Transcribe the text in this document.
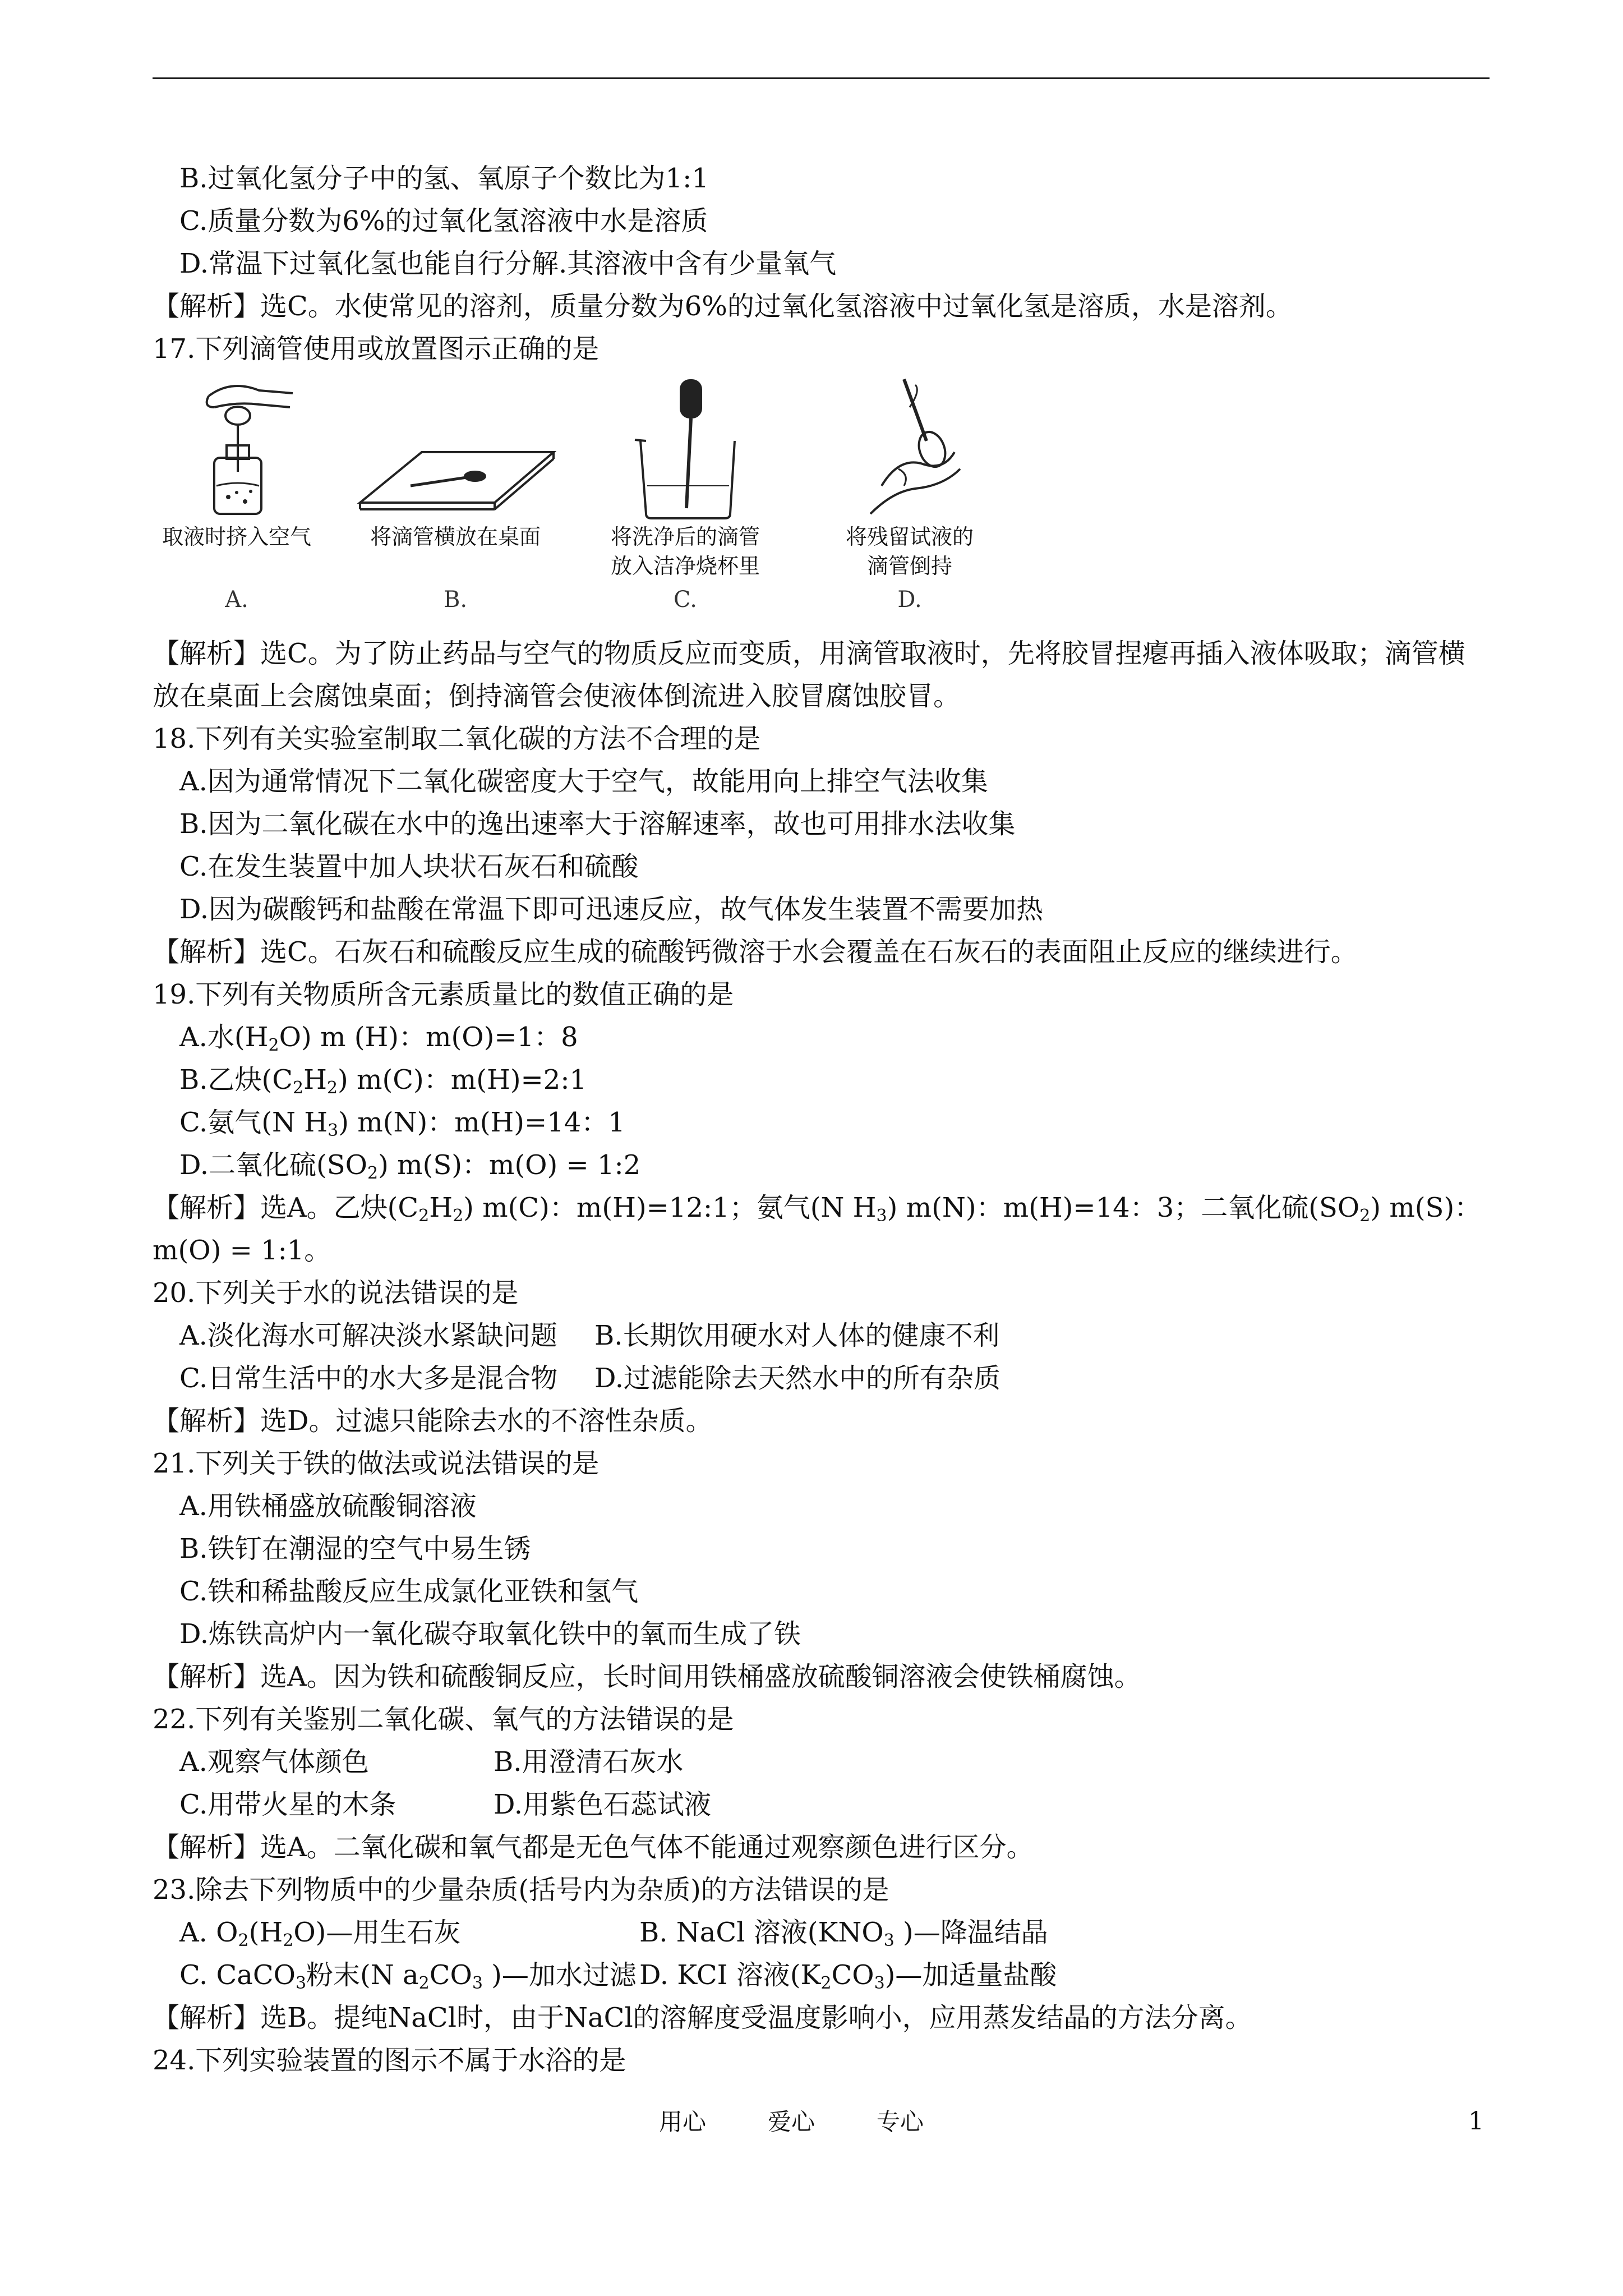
B.过氧化氢分子中的氢、氧原子个数比为1:1
C.质量分数为6%的过氧化氢溶液中水是溶质
D.常温下过氧化氢也能自行分解.其溶液中含有少量氧气
【解析】选C。水使常见的溶剂，质量分数为6%的过氧化氢溶液中过氧化氢是溶质，水是溶剂。
17.下列滴管使用或放置图示正确的是
取液时挤入空气
A.
将滴管横放在桌面
B.
将洗净后的滴管
放入洁净烧杯里
C.
将残留试液的
滴管倒持
D.
【解析】选C。为了防止药品与空气的物质反应而变质，用滴管取液时，先将胶冒捏瘪再插入液体吸取；滴管横放在桌面上会腐蚀桌面；倒持滴管会使液体倒流进入胶冒腐蚀胶冒。
18.下列有关实验室制取二氧化碳的方法不合理的是
A.因为通常情况下二氧化碳密度大于空气，故能用向上排空气法收集
B.因为二氧化碳在水中的逸出速率大于溶解速率，故也可用排水法收集
C.在发生装置中加人块状石灰石和硫酸
D.因为碳酸钙和盐酸在常温下即可迅速反应，故气体发生装置不需要加热
【解析】选C。石灰石和硫酸反应生成的硫酸钙微溶于水会覆盖在石灰石的表面阻止反应的继续进行。
19.下列有关物质所含元素质量比的数值正确的是
A.水$(H_2O)$ m (H)：m(O)=1：8
B.乙炔$(C_2H_2)$ m(C)：m(H)=2:1
C.氨气(N $H_3$) m(N)：m(H)=14：1
D.二氧化硫$(SO_2)$ m(S)：m(O) = 1:2
【解析】选A。乙炔$(C_2H_2)$ m(C)：m(H)=12:1；氨气(N $H_3$) m(N)：m(H)=14：3；二氧化硫$(SO_2)$ m(S)：
m(O) = 1:1。
20.下列关于水的说法错误的是
A.淡化海水可解决淡水紧缺问题 B.长期饮用硬水对人体的健康不利
C.日常生活中的水大多是混合物 D.过滤能除去天然水中的所有杂质
【解析】选D。过滤只能除去水的不溶性杂质。
21.下列关于铁的做法或说法错误的是
A.用铁桶盛放硫酸铜溶液
B.铁钉在潮湿的空气中易生锈
C.铁和稀盐酸反应生成氯化亚铁和氢气
D.炼铁高炉内一氧化碳夺取氧化铁中的氧而生成了铁
【解析】选A。因为铁和硫酸铜反应，长时间用铁桶盛放硫酸铜溶液会使铁桶腐蚀。
22.下列有关鉴别二氧化碳、氧气的方法错误的是
A.观察气体颜色	B.用澄清石灰水
C.用带火星的木条	D.用紫色石蕊试液
【解析】选A。二氧化碳和氧气都是无色气体不能通过观察颜色进行区分。
23.除去下列物质中的少量杂质(括号内为杂质)的方法错误的是
A. $O_2(H_2O)—$用生石灰	B. NaCl 溶液($KNO_3$ )—降温结晶
C. CaCO$_3$粉末(N $a_2CO_3$ )—加水过滤 D. KCI 溶液$(K_2CO_3)—$加适量盐酸
【解析】选B。提纯NaCl时，由于NaCl的溶解度受温度影响小，应用蒸发结晶的方法分离。
24.下列实验装置的图示不属于水浴的是
用心	爱心	专心	1
